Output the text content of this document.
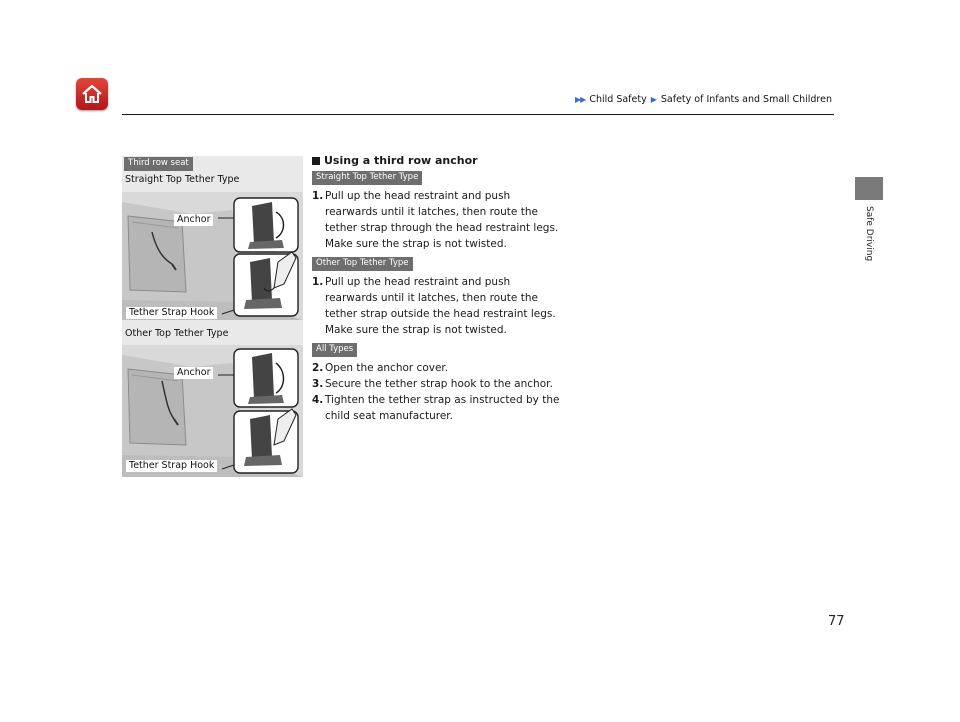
▶▶ Child Safety ▶ Safety of Infants and Small Children
Safe Driving
Third row seat
Straight Top Tether Type
Anchor
Tether Strap Hook
Other Top Tether Type
Anchor
Tether Strap Hook
Using a third row anchor
Straight Top Tether Type
1. Pull up the head restraint and push rearwards until it latches, then route the tether strap through the head restraint legs. Make sure the strap is not twisted.
Other Top Tether Type
1. Pull up the head restraint and push rearwards until it latches, then route the tether strap outside the head restraint legs. Make sure the strap is not twisted.
All Types
2. Open the anchor cover.
3. Secure the tether strap hook to the anchor.
4. Tighten the tether strap as instructed by the child seat manufacturer.
77
